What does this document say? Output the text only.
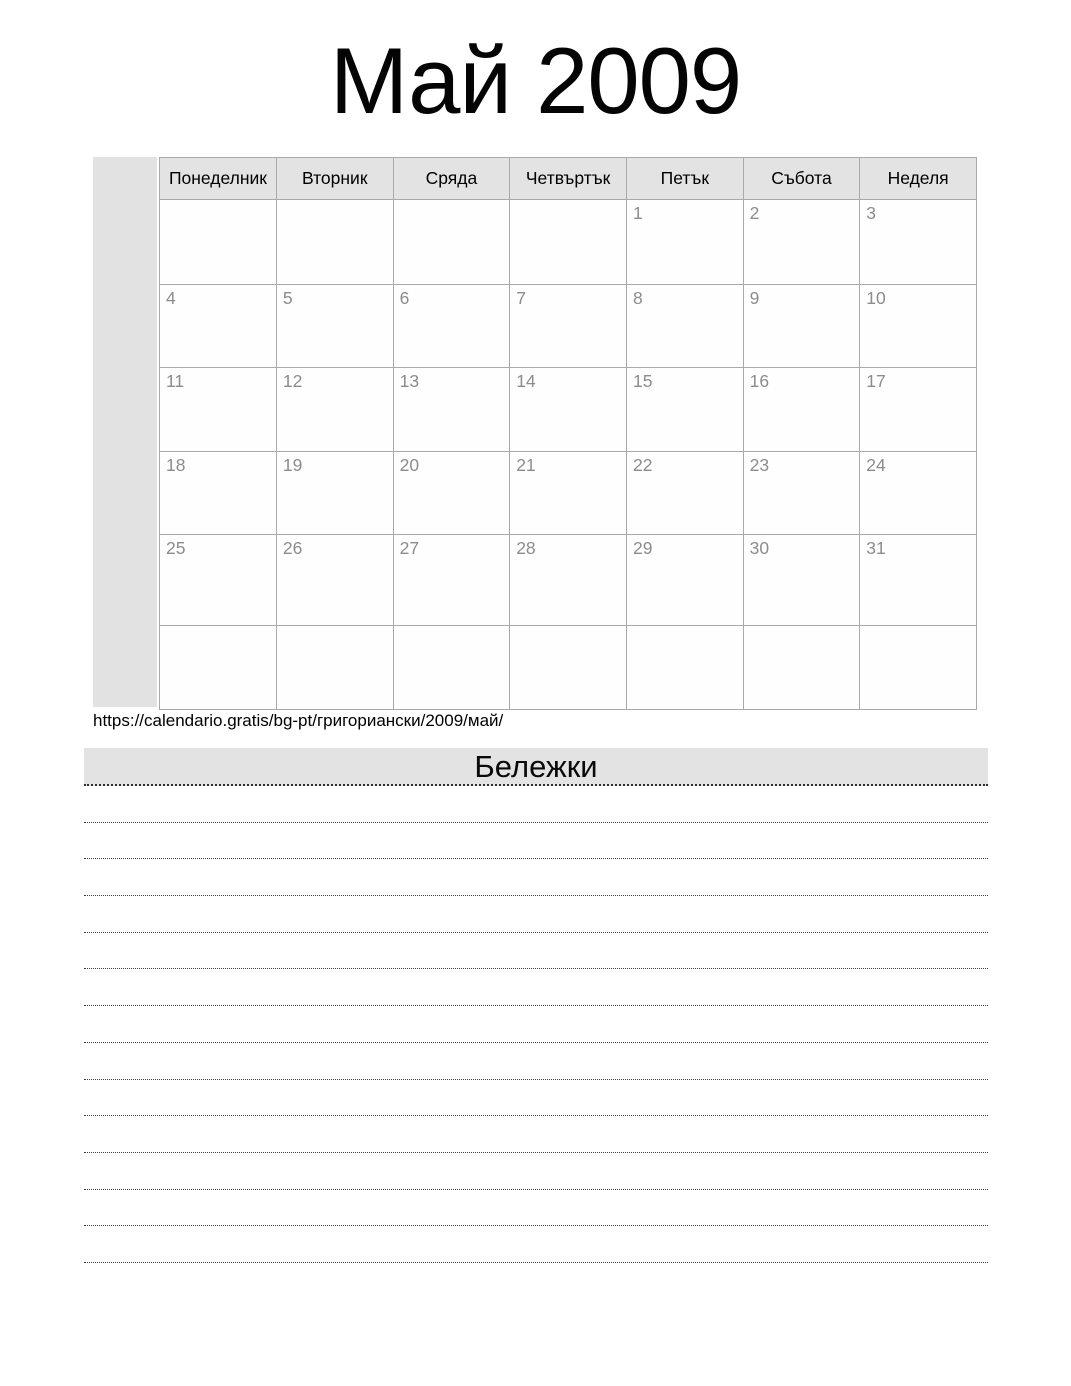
Май 2009
Понеделник	Вторник	Сряда	Четвъртък	Петък	Събота	Неделя
				1	2	3
4	5	6	7	8	9	10
11	12	13	14	15	16	17
18	19	20	21	22	23	24
25	26	27	28	29	30	31

https://calendario.gratis/bg-pt/григориански/2009/май/
Бележки
